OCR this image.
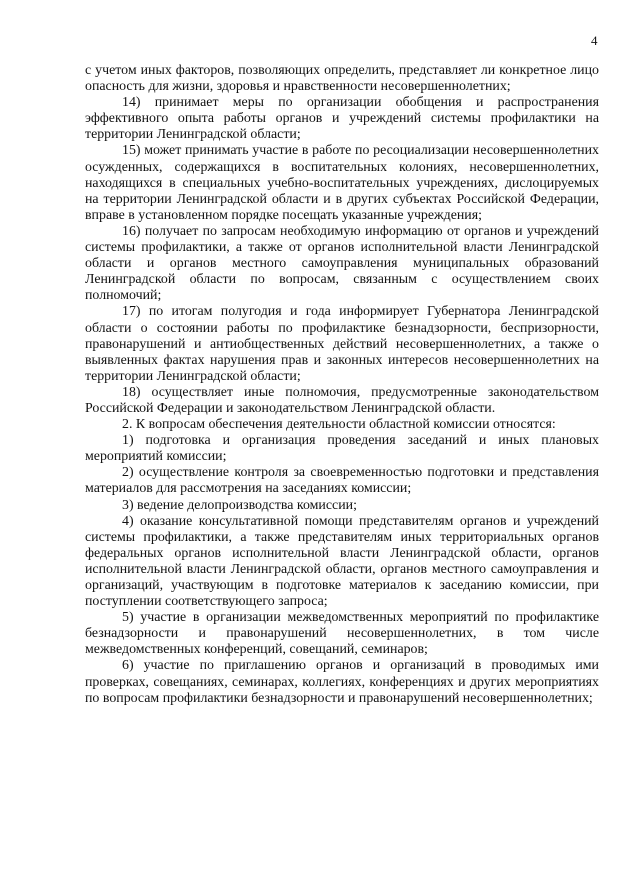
4

с учетом иных факторов, позволяющих определить, представляет ли конкретное лицо опасность для жизни, здоровья и нравственности несовершеннолетних;

14) принимает меры по организации обобщения и распространения эффективного опыта работы органов и учреждений системы профилактики на территории Ленинградской области;

15) может принимать участие в работе по ресоциализации несовершеннолетних осужденных, содержащихся в воспитательных колониях, несовершеннолетних, находящихся в специальных учебно-воспитательных учреждениях, дислоцируемых на территории Ленинградской области и в других субъектах Российской Федерации, вправе в установленном порядке посещать указанные учреждения;

16) получает по запросам необходимую информацию от органов и учреждений системы профилактики, а также от органов исполнительной власти Ленинградской области и органов местного самоуправления муниципальных образований Ленинградской области по вопросам, связанным с осуществлением своих полномочий;

17) по итогам полугодия и года информирует Губернатора Ленинградской области о состоянии работы по профилактике безнадзорности, беспризорности, правонарушений и антиобщественных действий несовершеннолетних, а также о выявленных фактах нарушения прав и законных интересов несовершеннолетних на территории Ленинградской области;

18) осуществляет иные полномочия, предусмотренные законодательством Российской Федерации и законодательством Ленинградской области.

2. К вопросам обеспечения деятельности областной комиссии относятся:

1) подготовка и организация проведения заседаний и иных плановых мероприятий комиссии;

2) осуществление контроля за своевременностью подготовки и представления материалов для рассмотрения на заседаниях комиссии;

3) ведение делопроизводства комиссии;

4) оказание консультативной помощи представителям органов и учреждений системы профилактики, а также представителям иных территориальных органов федеральных органов исполнительной власти Ленинградской области, органов исполнительной власти Ленинградской области, органов местного самоуправления и организаций, участвующим в подготовке материалов к заседанию комиссии, при поступлении соответствующего запроса;

5) участие в организации межведомственных мероприятий по профилактике безнадзорности и правонарушений несовершеннолетних, в том числе межведомственных конференций, совещаний, семинаров;

6) участие по приглашению органов и организаций в проводимых ими проверках, совещаниях, семинарах, коллегиях, конференциях и других мероприятиях по вопросам профилактики безнадзорности и правонарушений несовершеннолетних;
